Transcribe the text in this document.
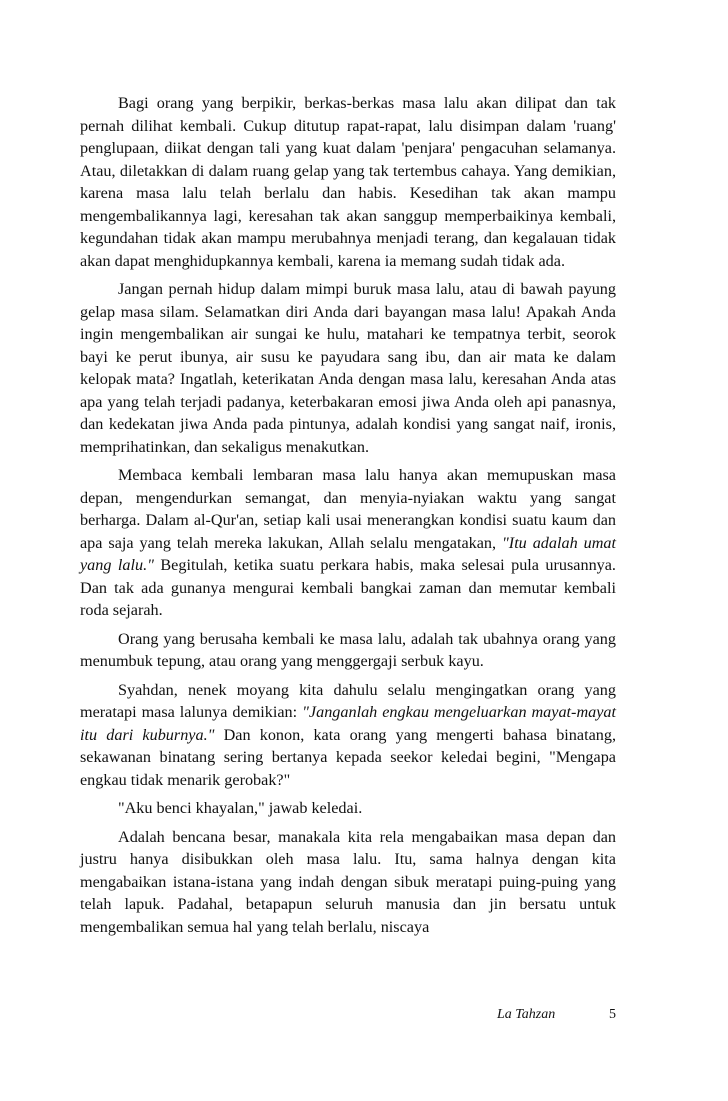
Bagi orang yang berpikir, berkas-berkas masa lalu akan dilipat dan tak pernah dilihat kembali. Cukup ditutup rapat-rapat, lalu disimpan dalam 'ruang' penglupaan, diikat dengan tali yang kuat dalam 'penjara' pengacuhan selamanya. Atau, diletakkan di dalam ruang gelap yang tak tertembus cahaya. Yang demikian, karena masa lalu telah berlalu dan habis. Kesedihan tak akan mampu mengembalikannya lagi, keresahan tak akan sanggup memperbaikinya kembali, kegundahan tidak akan mampu merubahnya menjadi terang, dan kegalauan tidak akan dapat menghidupkannya kembali, karena ia memang sudah tidak ada.

Jangan pernah hidup dalam mimpi buruk masa lalu, atau di bawah payung gelap masa silam. Selamatkan diri Anda dari bayangan masa lalu! Apakah Anda ingin mengembalikan air sungai ke hulu, matahari ke tempatnya terbit, seorok bayi ke perut ibunya, air susu ke payudara sang ibu, dan air mata ke dalam kelopak mata? Ingatlah, keterikatan Anda dengan masa lalu, keresahan Anda atas apa yang telah terjadi padanya, keterbakaran emosi jiwa Anda oleh api panasnya, dan kedekatan jiwa Anda pada pintunya, adalah kondisi yang sangat naif, ironis, memprihatinkan, dan sekaligus menakutkan.

Membaca kembali lembaran masa lalu hanya akan memupuskan masa depan, mengendurkan semangat, dan menyia-nyiakan waktu yang sangat berharga. Dalam al-Qur'an, setiap kali usai menerangkan kondisi suatu kaum dan apa saja yang telah mereka lakukan, Allah selalu mengatakan, "Itu adalah umat yang lalu." Begitulah, ketika suatu perkara habis, maka selesai pula urusannya. Dan tak ada gunanya mengurai kembali bangkai zaman dan memutar kembali roda sejarah.

Orang yang berusaha kembali ke masa lalu, adalah tak ubahnya orang yang menumbuk tepung, atau orang yang menggergaji serbuk kayu.

Syahdan, nenek moyang kita dahulu selalu mengingatkan orang yang meratapi masa lalunya demikian: "Janganlah engkau mengeluarkan mayat-mayat itu dari kuburnya." Dan konon, kata orang yang mengerti bahasa binatang, sekawanan binatang sering bertanya kepada seekor keledai begini, "Mengapa engkau tidak menarik gerobak?"

"Aku benci khayalan," jawab keledai.

Adalah bencana besar, manakala kita rela mengabaikan masa depan dan justru hanya disibukkan oleh masa lalu. Itu, sama halnya dengan kita mengabaikan istana-istana yang indah dengan sibuk meratapi puing-puing yang telah lapuk. Padahal, betapapun seluruh manusia dan jin bersatu untuk mengembalikan semua hal yang telah berlalu, niscaya

La Tahzan	5
